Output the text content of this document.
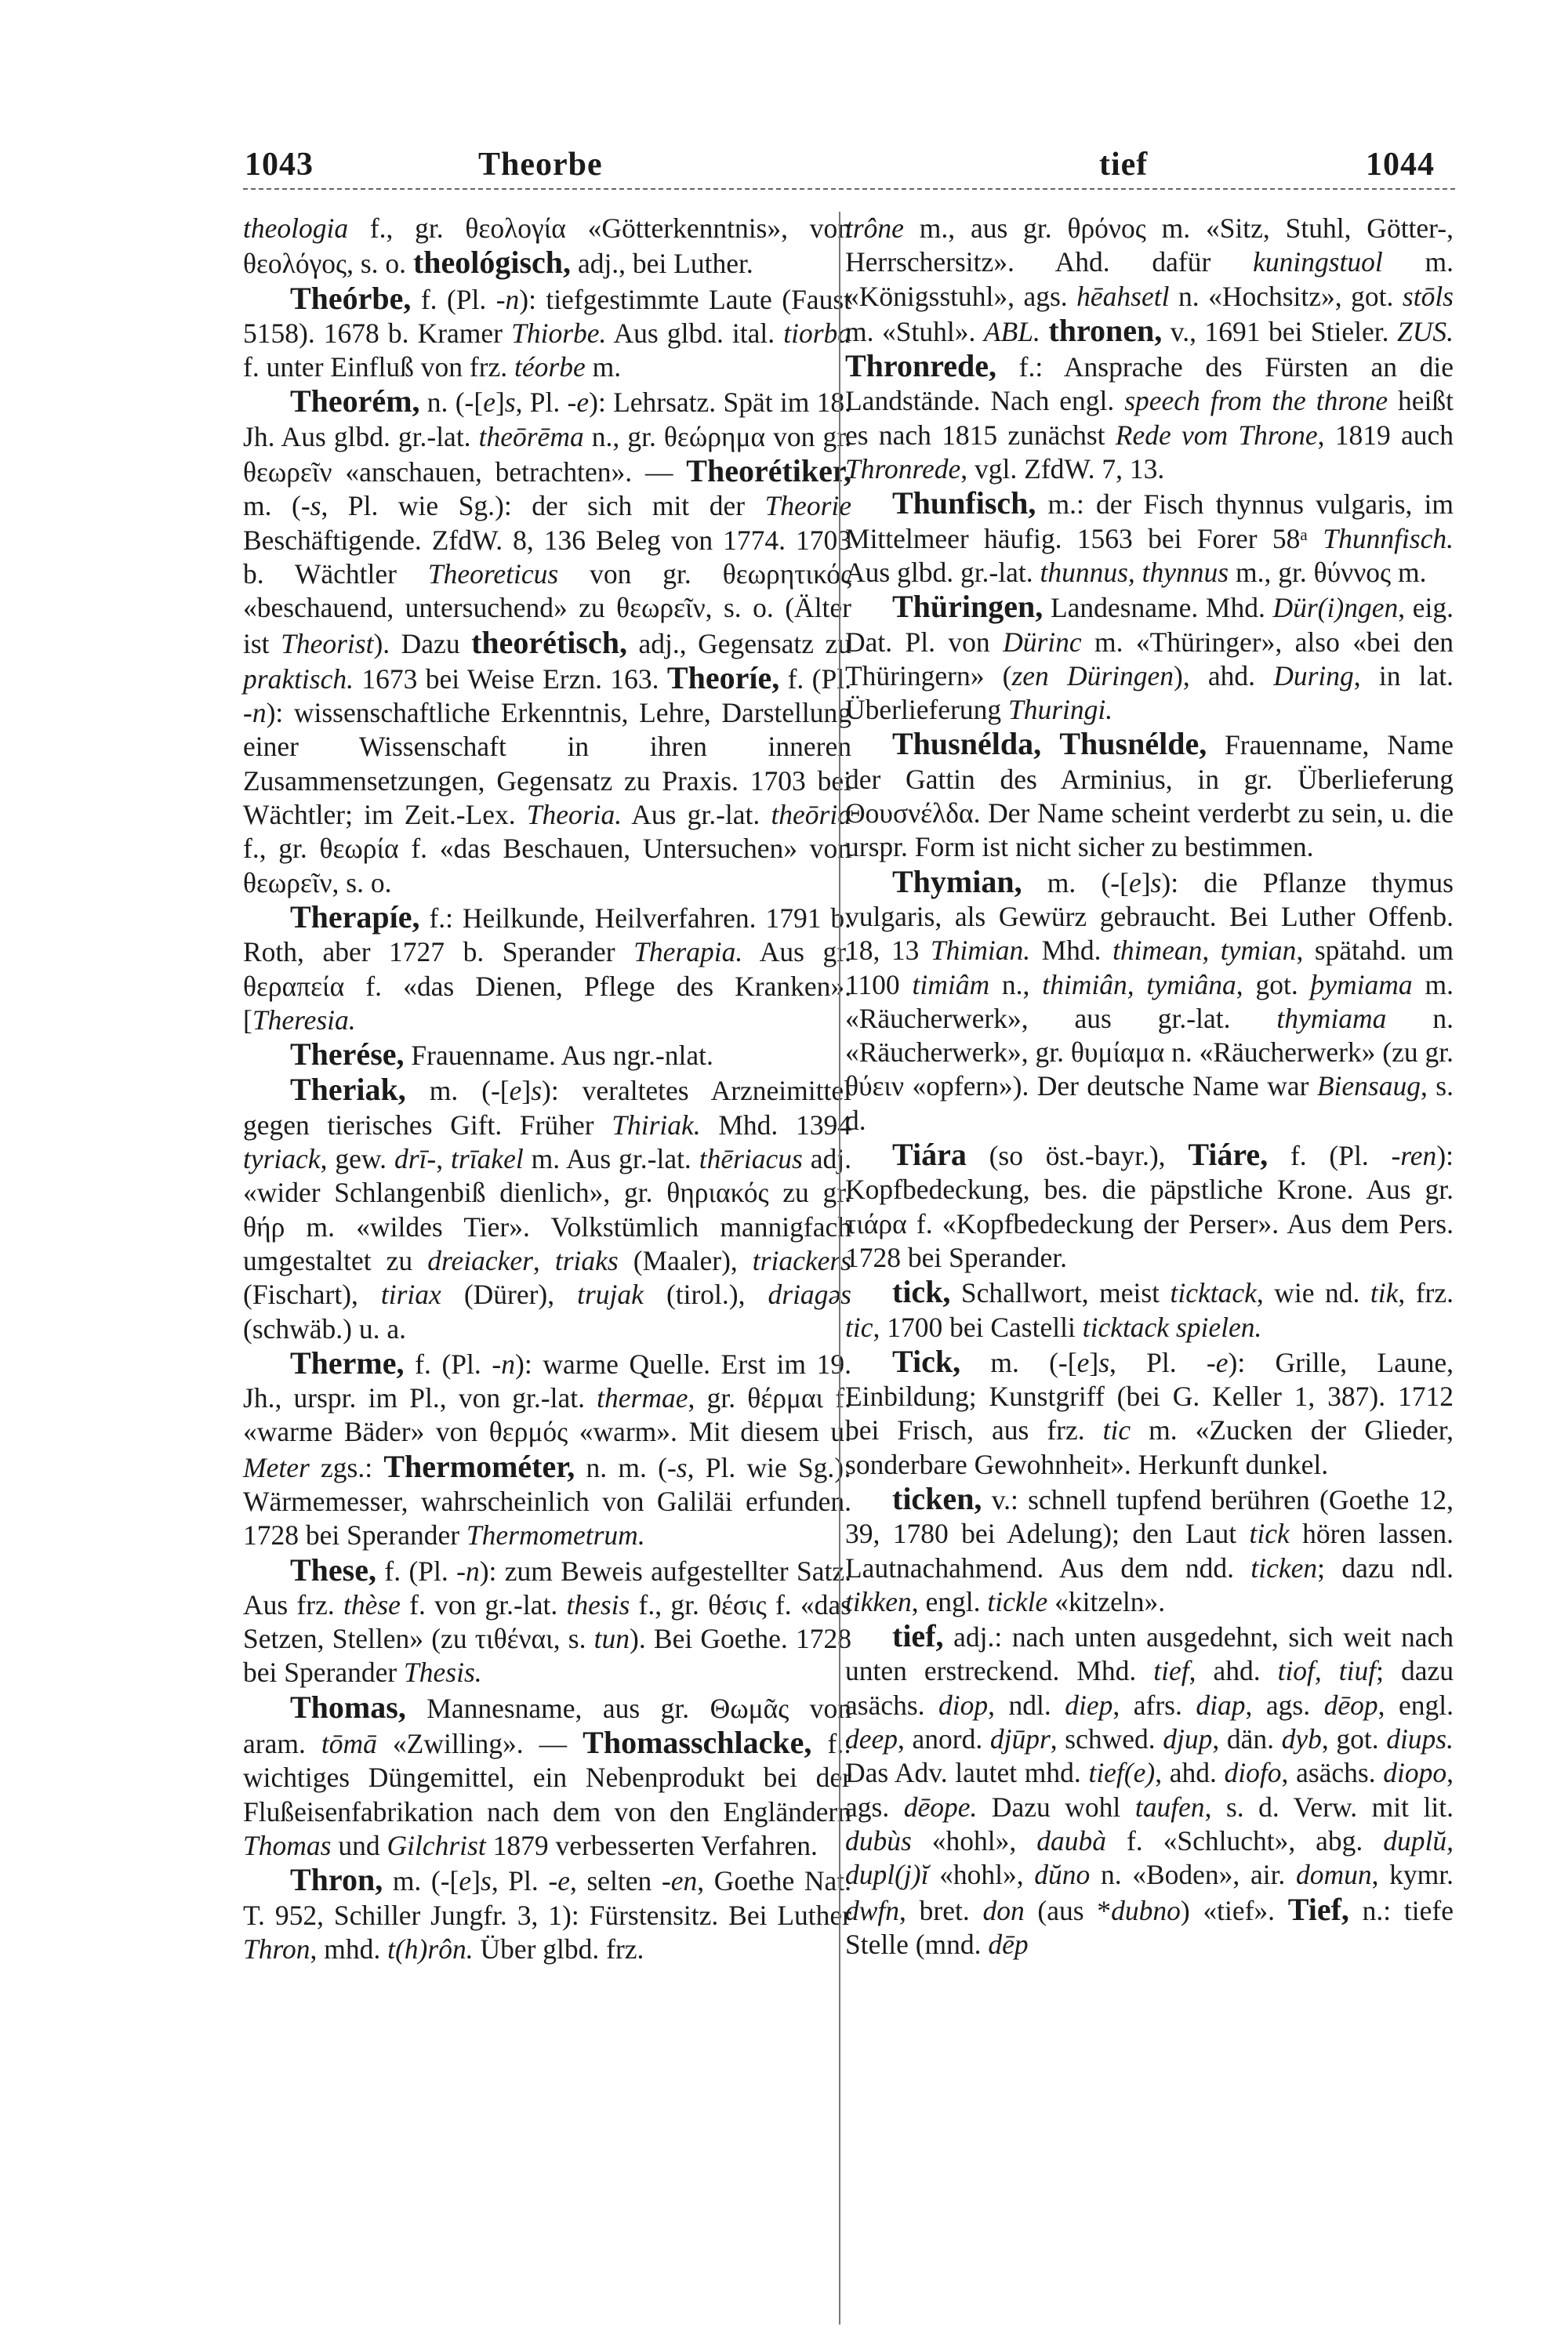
1043	Theorbe	tief	1044

theologia f., gr. θεολογία «Götterkenntnis», von θεολόγος, s. o. theológisch, adj., bei Luther.

Theórbe, f. (Pl. -n): tiefgestimmte Laute (Faust 5158). 1678 b. Kramer Thiorbe. Aus glbd. ital. tiorba f. unter Einfluß von frz. téorbe m.

Theorém, n. (-[e]s, Pl. -e): Lehrsatz. Spät im 18. Jh. Aus glbd. gr.-lat. theōrēma n., gr. θεώρημα von gr. θεωρεῖν «anschauen, betrachten». — Theorétiker, m. (-s, Pl. wie Sg.): der sich mit der Theorie Beschäftigende. ZfdW. 8, 136 Beleg von 1774. 1703 b. Wächtler Theoreticus von gr. θεωρητικός «beschauend, untersuchend» zu θεωρεῖν, s. o. (Älter ist Theorist). Dazu theorétisch, adj., Gegensatz zu praktisch. 1673 bei Weise Erzn. 163. Theoríe, f. (Pl. -n): wissenschaftliche Erkenntnis, Lehre, Darstellung einer Wissenschaft in ihren inneren Zusammensetzungen, Gegensatz zu Praxis. 1703 bei Wächtler; im Zeit.-Lex. Theoria. Aus gr.-lat. theōria f., gr. θεωρία f. «das Beschauen, Untersuchen» von θεωρεῖν, s. o.

Therapíe, f.: Heilkunde, Heilverfahren. 1791 b. Roth, aber 1727 b. Sperander Therapia. Aus gr. θεραπεία f. «das Dienen, Pflege des Kranken». [Theresia.

Therése, Frauenname. Aus ngr.-nlat.

Theriak, m. (-[e]s): veraltetes Arzneimittel gegen tierisches Gift. Früher Thiriak. Mhd. 1394 tyriack, gew. drī-, trīakel m. Aus gr.-lat. thēriacus adj. «wider Schlangenbiß dienlich», gr. θηριακός zu gr. θήρ m. «wildes Tier». Volkstümlich mannigfach umgestaltet zu dreiacker, triaks (Maaler), triackers (Fischart), tiriax (Dürer), trujak (tirol.), driagəs (schwäb.) u. a.

Therme, f. (Pl. -n): warme Quelle. Erst im 19. Jh., urspr. im Pl., von gr.-lat. thermae, gr. θέρμαι f. «warme Bäder» von θερμός «warm». Mit diesem u. Meter zgs.: Thermométer, n. m. (-s, Pl. wie Sg.): Wärmemesser, wahrscheinlich von Galiläi erfunden. 1728 bei Sperander Thermometrum.

These, f. (Pl. -n): zum Beweis aufgestellter Satz. Aus frz. thèse f. von gr.-lat. thesis f., gr. θέσις f. «das Setzen, Stellen» (zu τιθέναι, s. tun). Bei Goethe. 1728 bei Sperander Thesis.

Thomas, Mannesname, aus gr. Θωμᾶς von aram. tōmā «Zwilling». — Thomasschlacke, f.: wichtiges Düngemittel, ein Nebenprodukt bei der Flußeisenfabrikation nach dem von den Engländern Thomas und Gilchrist 1879 verbesserten Verfahren.

Thron, m. (-[e]s, Pl. -e, selten -en, Goethe Nat. T. 952, Schiller Jungfr. 3, 1): Fürstensitz. Bei Luther Thron, mhd. t(h)rôn. Über glbd. frz.

trône m., aus gr. θρόνος m. «Sitz, Stuhl, Götter-, Herrschersitz». Ahd. dafür kuningstuol m. «Königsstuhl», ags. hēahsetl n. «Hochsitz», got. stōls m. «Stuhl». ABL. thronen, v., 1691 bei Stieler. ZUS. Thronrede, f.: Ansprache des Fürsten an die Landstände. Nach engl. speech from the throne heißt es nach 1815 zunächst Rede vom Throne, 1819 auch Thronrede, vgl. ZfdW. 7, 13.

Thunfisch, m.: der Fisch thynnus vulgaris, im Mittelmeer häufig. 1563 bei Forer 58ᵃ Thunnfisch. Aus glbd. gr.-lat. thunnus, thynnus m., gr. θύννος m.

Thüringen, Landesname. Mhd. Dür(i)ngen, eig. Dat. Pl. von Dürinc m. «Thüringer», also «bei den Thüringern» (zen Düringen), ahd. During, in lat. Überlieferung Thuringi.

Thusnélda, Thusnélde, Frauenname, Name der Gattin des Arminius, in gr. Überlieferung Θουσνέλδα. Der Name scheint verderbt zu sein, u. die urspr. Form ist nicht sicher zu bestimmen.

Thymian, m. (-[e]s): die Pflanze thymus vulgaris, als Gewürz gebraucht. Bei Luther Offenb. 18, 13 Thimian. Mhd. thimean, tymian, spätahd. um 1100 timiâm n., thimiân, tymiâna, got. þymiama m. «Räucherwerk», aus gr.-lat. thymiama n. «Räucherwerk», gr. θυμίαμα n. «Räucherwerk» (zu gr. θύειν «opfern»). Der deutsche Name war Biensaug, s. d.

Tiára (so öst.-bayr.), Tiáre, f. (Pl. -ren): Kopfbedeckung, bes. die päpstliche Krone. Aus gr. τιάρα f. «Kopfbedeckung der Perser». Aus dem Pers. 1728 bei Sperander.

tick, Schallwort, meist ticktack, wie nd. tik, frz. tic, 1700 bei Castelli ticktack spielen.

Tick, m. (-[e]s, Pl. -e): Grille, Laune, Einbildung; Kunstgriff (bei G. Keller 1, 387). 1712 bei Frisch, aus frz. tic m. «Zucken der Glieder, sonderbare Gewohnheit». Herkunft dunkel.

ticken, v.: schnell tupfend berühren (Goethe 12, 39, 1780 bei Adelung); den Laut tick hören lassen. Lautnachahmend. Aus dem ndd. ticken; dazu ndl. tikken, engl. tickle «kitzeln».

tief, adj.: nach unten ausgedehnt, sich weit nach unten erstreckend. Mhd. tief, ahd. tiof, tiuf; dazu asächs. diop, ndl. diep, afrs. diap, ags. dēop, engl. deep, anord. djūpr, schwed. djup, dän. dyb, got. diups. Das Adv. lautet mhd. tief(e), ahd. diofo, asächs. diopo, ags. dēope. Dazu wohl taufen, s. d. Verw. mit lit. dubùs «hohl», daubà f. «Schlucht», abg. duplŭ, dupl(j)ĭ «hohl», dŭno n. «Boden», air. domun, kymr. dwfn, bret. don (aus *dubno) «tief». Tief, n.: tiefe Stelle (mnd. dēp
